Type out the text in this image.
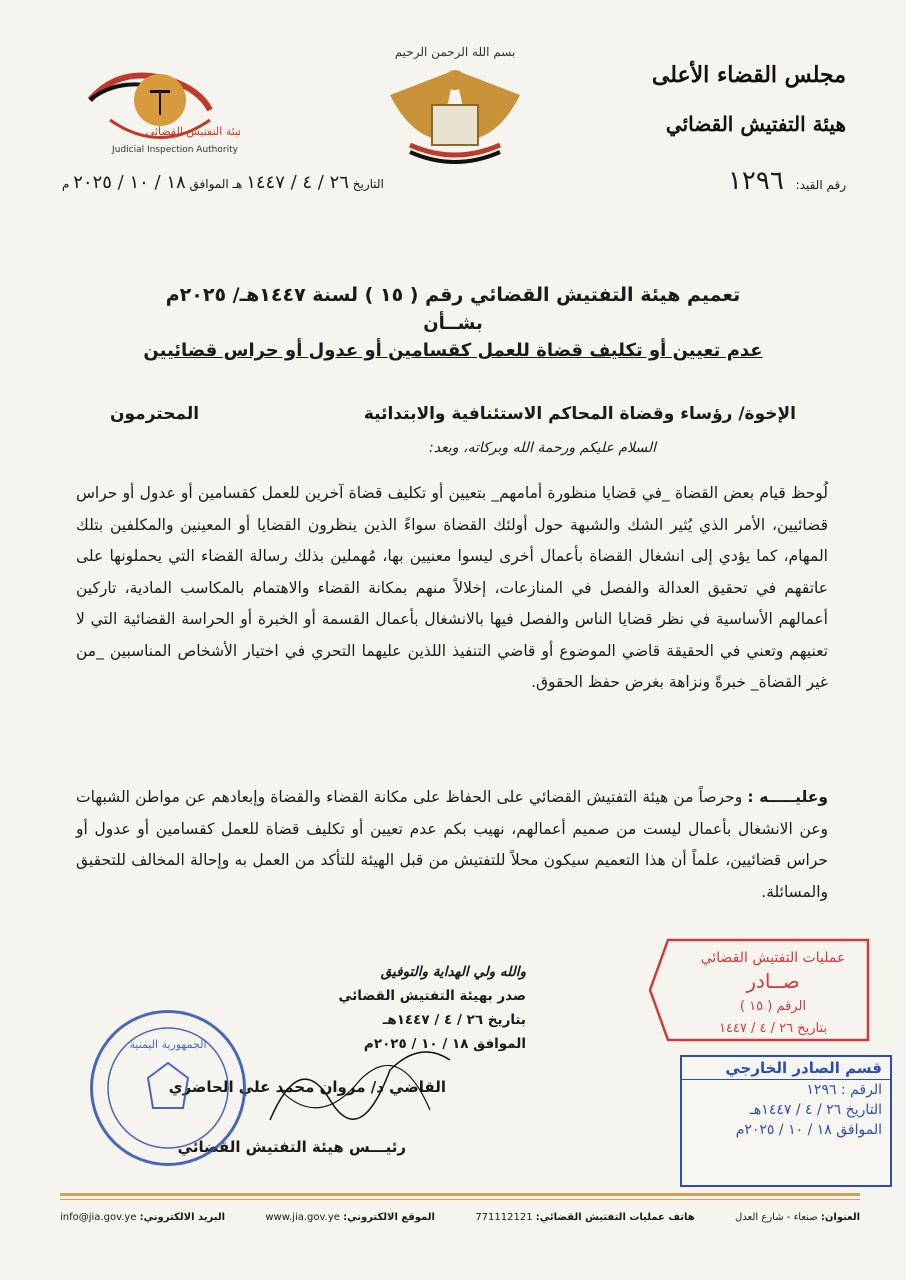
مجلس القضاء الأعلى
هيئة التفتيش القضائي
رقم القيد: ١٢٩٦
التاريخ ٢٦ / ٤ / ١٤٤٧ هـ الموافق ١٨ / ١٠ / ٢٠٢٥ م
هيئة التفتيش القضائي
Judicial Inspection Authority
بسم الله الرحمن الرحيم
تعميم هيئة التفتيش القضائي رقم ( ١٥ ) لسنة ١٤٤٧هـ/ ٢٠٢٥م
بشــأن
عدم تعيين أو تكليف قضاة للعمل كقسامين أو عدول أو حراس قضائيين
الإخوة/ رؤساء وقضاة المحاكم الاستئنافية والابتدائية
المحترمون
السلام عليكم ورحمة الله وبركاته، وبعد:
لُوحظ قيام بعض القضاة _في قضايا منظورة أمامهم_ بتعيين أو تكليف قضاة آخرين للعمل كقسامين أو عدول أو حراس قضائيين، الأمر الذي يُثير الشك والشبهة حول أولئك القضاة سواءً الذين ينظرون القضايا أو المعينين والمكلفين بتلك المهام، كما يؤدي إلى انشغال القضاة بأعمال أخرى ليسوا معنيين بها، مُهملين بذلك رسالة القضاء التي يحملونها على عاتقهم في تحقيق العدالة والفصل في المنازعات، إخلالاً منهم بمكانة القضاء والاهتمام بالمكاسب المادية، تاركين أعمالهم الأساسية في نظر قضايا الناس والفصل فيها بالانشغال بأعمال القسمة أو الخبرة أو الحراسة القضائية التي لا تعنيهم وتعني في الحقيقة قاضي الموضوع أو قاضي التنفيذ اللذين عليهما التحري في اختيار الأشخاص المناسبين _من غير القضاة_ خبرةً ونزاهة بغرض حفظ الحقوق.
وعليـــــه : وحرصاً من هيئة التفتيش القضائي على الحفاظ على مكانة القضاء والقضاة وإبعادهم عن مواطن الشبهات وعن الانشغال بأعمال ليست من صميم أعمالهم، نهيب بكم عدم تعيين أو تكليف قضاة للعمل كقسامين أو عدول أو حراس قضائيين، علماً أن هذا التعميم سيكون محلاً للتفتيش من قبل الهيئة للتأكد من العمل به وإحالة المخالف للتحقيق والمسائلة.
والله ولي الهداية والتوفيق
صدر بهيئة التفتيش القضائي
بتاريخ ٢٦ / ٤ / ١٤٤٧هـ
الموافق ١٨ / ١٠ / ٢٠٢٥م
القاضي د/ مروان محمد علي الحاضري
رئيـــس هيئة التفتيش القضائي
الجمهورية اليمنية
عمليات التفتيش القضائي
صــادر
الرقم ( ١٥ )
بتاريخ ٢٦ / ٤ / ١٤٤٧
قسم الصادر الخارجي
الرقم : ١٢٩٦
التاريخ ٢٦ / ٤ / ١٤٤٧هـ
الموافق ١٨ / ١٠ / ٢٠٢٥م
العنوان: صنعاء - شارع العدل
هاتف عمليات التفتيش القضائي: 771112121
الموقع الالكتروني: www.jia.gov.ye
البريد الالكتروني: info@jia.gov.ye
